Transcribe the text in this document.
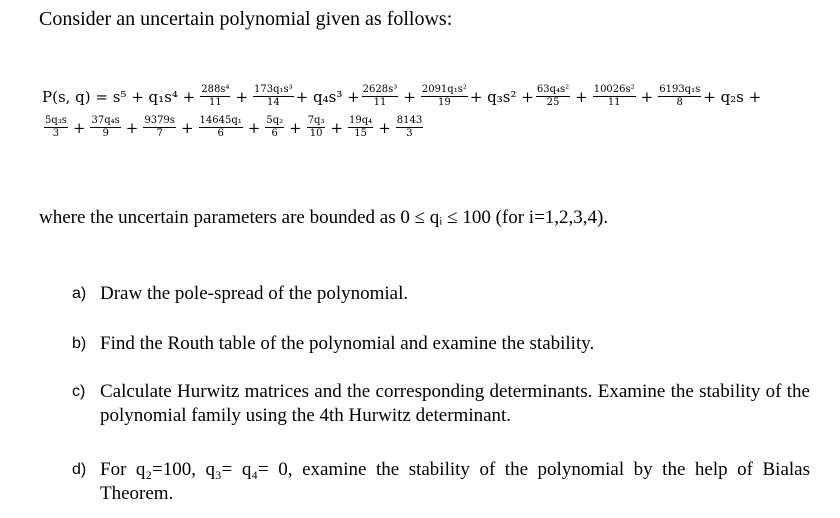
Consider an uncertain polynomial given as follows:
P(s, $q) = s^5 + q_1s^4 + \frac{\text{288s⁴}}{11} + \frac{\text{173q₁s³}}{14} + q_4s^3 + \frac{\text{2628s³}}{11} + \frac{\text{2091q₁s²}}{19} + q_3s^2 + \frac{\text{63q₄s²}}{25} + \frac{\text{10026s²}}{11} + \frac{\text{6193q₁s}}{8} + q_2s$ +
$\frac{\text{5q₃s}}{3} + \frac{\text{37q₄s}}{9} + \frac{9379s}{7} + \frac{\text{14645q₁}}{6} + \frac{\text{5q₂}}{6} + \frac{\text{7q₃}}{10} + \frac{\text{19q₄}}{15} + \frac{8143}{3}$
where the uncertain parameters are bounded as 0 ≤ qᵢ ≤ 100 (for i=1,2,3,4).
a) Draw the pole-spread of the polynomial.
b) Find the Routh table of the polynomial and examine the stability.
c) Calculate Hurwitz matrices and the corresponding determinants. Examine the stability of the polynomial family using the 4th Hurwitz determinant.
d) For q₂=100, q₃= q₄= 0, examine the stability of the polynomial by the help of Bialas Theorem.
